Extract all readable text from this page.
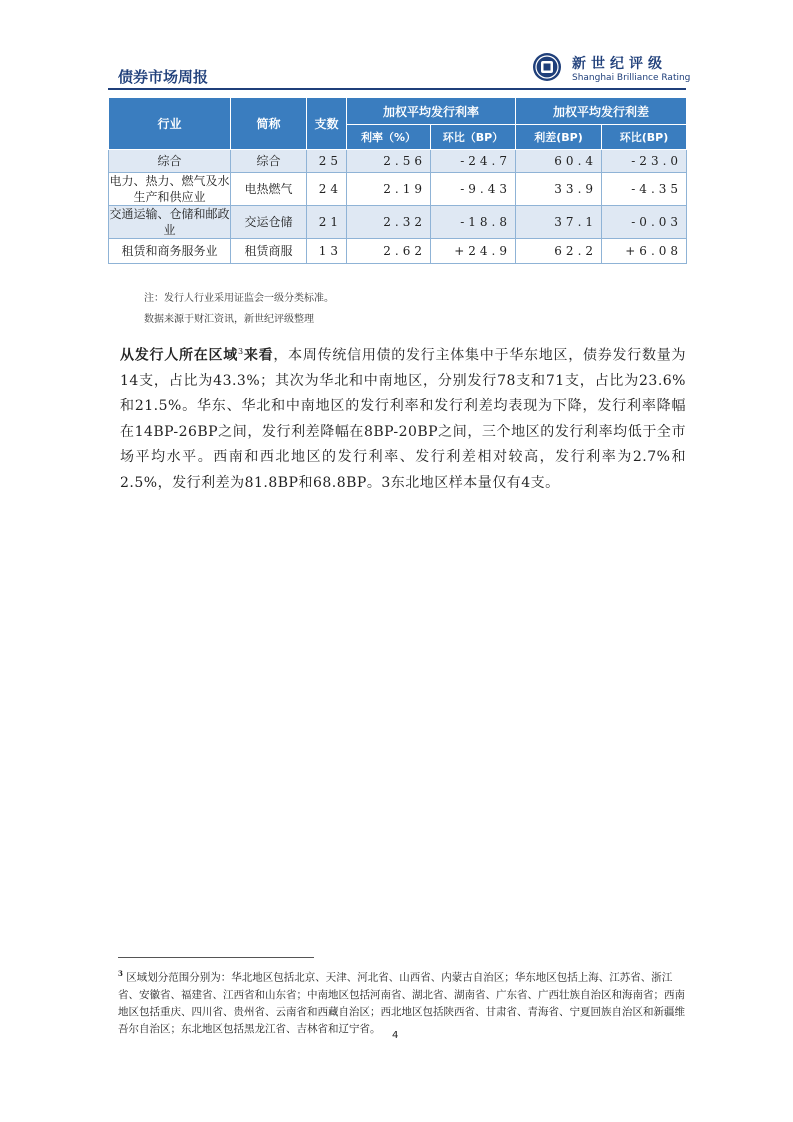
债券市场周报
新世纪评级
Shanghai Brilliance Rating
行业	简称	支数	加权平均发行利率		加权平均发行利差	
			利率（%）	环比（BP）	利差(BP)	环比(BP)
综合	综合	25	2.56	-24.7	60.4	-23.0
电力、热力、燃气及水生产和供应业	电热燃气	24	2.19	-9.43	33.9	-4.35
交通运输、仓储和邮政业	交运仓储	21	2.32	-18.8	37.1	-0.03
租赁和商务服务业	租赁商服	13	2.62	+24.9	62.2	+6.08
注：发行人行业采用证监会一级分类标准。
数据来源于财汇资讯，新世纪评级整理
从发行人所在区域$^3$来看，本周传统信用债的发行主体集中于华东地区，债券发行数量为14支，占比为43.3%；其次为华北和中南地区，分别发行78支和71支，占比为23.6%和21.5%。华东、华北和中南地区的发行利率和发行利差均表现为下降，发行利率降幅在14BP-26BP之间，发行利差降幅在8BP-20BP之间，三个地区的发行利率均低于全市场平均水平。西南和西北地区的发行利率、发行利差相对较高，发行利率为2.7%和2.5%，发行利差为81.8BP和68.8BP。3东北地区样本量仅有4支。
$^3$ 区域划分范围分别为：华北地区包括北京、天津、河北省、山西省、内蒙古自治区；华东地区包括上海、江苏省、浙江省、安徽省、福建省、江西省和山东省；中南地区包括河南省、湖北省、湖南省、广东省、广西壮族自治区和海南省；西南地区包括重庆、四川省、贵州省、云南省和西藏自治区；西北地区包括陕西省、甘肃省、青海省、宁夏回族自治区和新疆维吾尔自治区；东北地区包括黑龙江省、吉林省和辽宁省。
4
